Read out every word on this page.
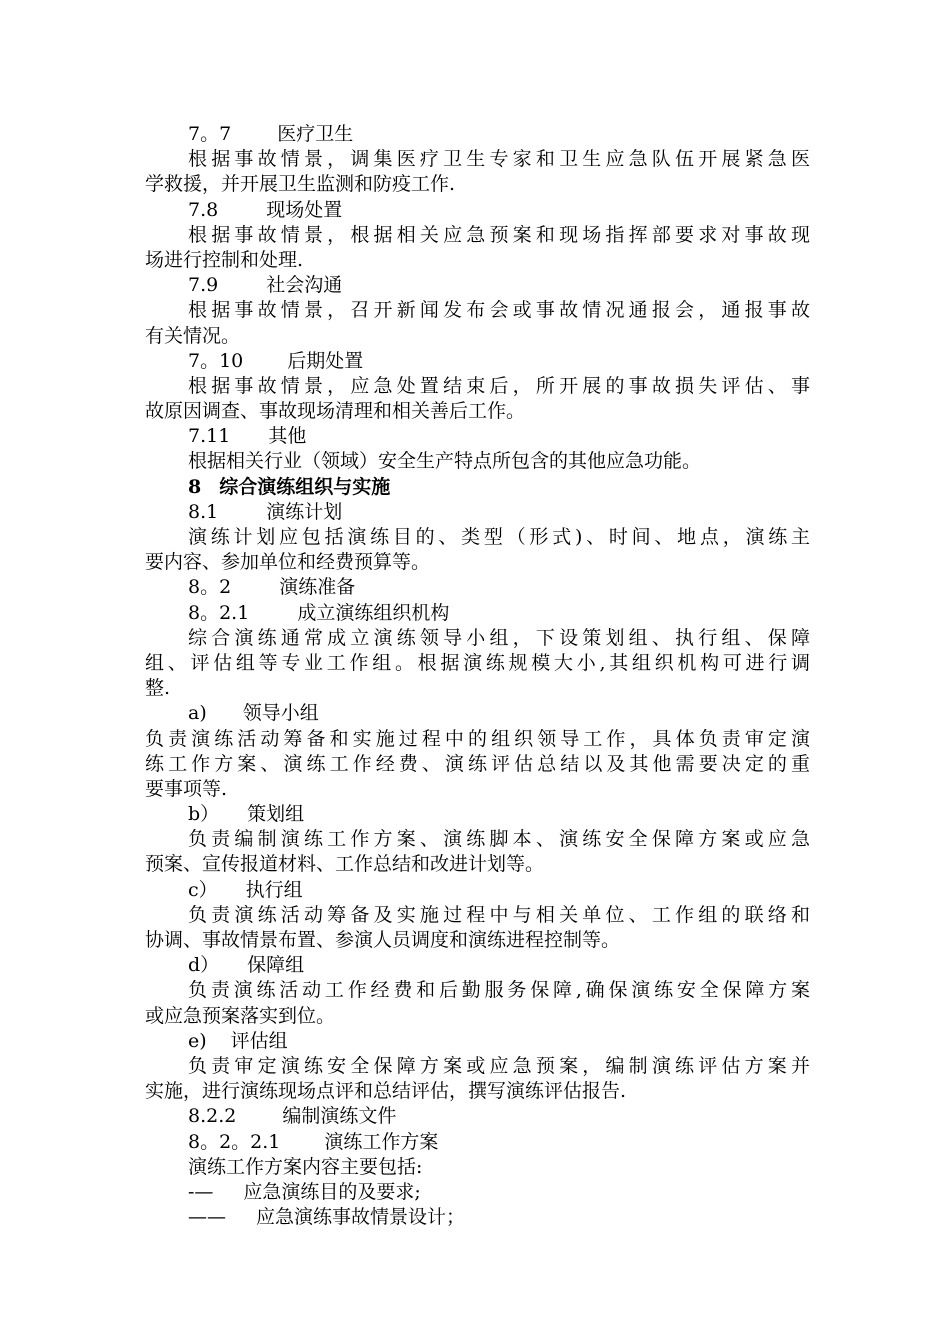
7。7 医疗卫生
根据事故情景，调集医疗卫生专家和卫生应急队伍开展紧急医
学救援，并开展卫生监测和防疫工作.
7.8	现场处置
根据事故情景，根据相关应急预案和现场指挥部要求对事故现
场进行控制和处理.
7.9	社会沟通
根据事故情景，召开新闻发布会或事故情况通报会，通报事故
有关情况。
7。10 后期处置
根据事故情景，应急处置结束后，所开展的事故损失评估、事
故原因调查、事故现场清理和相关善后工作。
7.11 其他
根据相关行业（领域）安全生产特点所包含的其他应急功能。
8 综合演练组织与实施
8.1	演练计划
演练计划应包括演练目的、类型（形式)、时间、地点，演练主
要内容、参加单位和经费预算等。
8。2	演练准备
8。2.1	成立演练组织机构
综合演练通常成立演练领导小组，下设策划组、执行组、保障
组、评估组等专业工作组。根据演练规模大小,其组织机构可进行调
整.
a) 领导小组
负责演练活动筹备和实施过程中的组织领导工作，具体负责审定演
练工作方案、演练工作经费、演练评估总结以及其他需要决定的重
要事项等.
b） 策划组
负责编制演练工作方案、演练脚本、演练安全保障方案或应急
预案、宣传报道材料、工作总结和改进计划等。
c） 执行组
负责演练活动筹备及实施过程中与相关单位、工作组的联络和
协调、事故情景布置、参演人员调度和演练进程控制等。
d） 保障组
负责演练活动工作经费和后勤服务保障,确保演练安全保障方案
或应急预案落实到位。
e) 评估组
负责审定演练安全保障方案或应急预案，编制演练评估方案并
实施，进行演练现场点评和总结评估，撰写演练评估报告.
8.2.2 编制演练文件
8。2。2.1 演练工作方案
演练工作方案内容主要包括:
-— 应急演练目的及要求;
—— 应急演练事故情景设计；
